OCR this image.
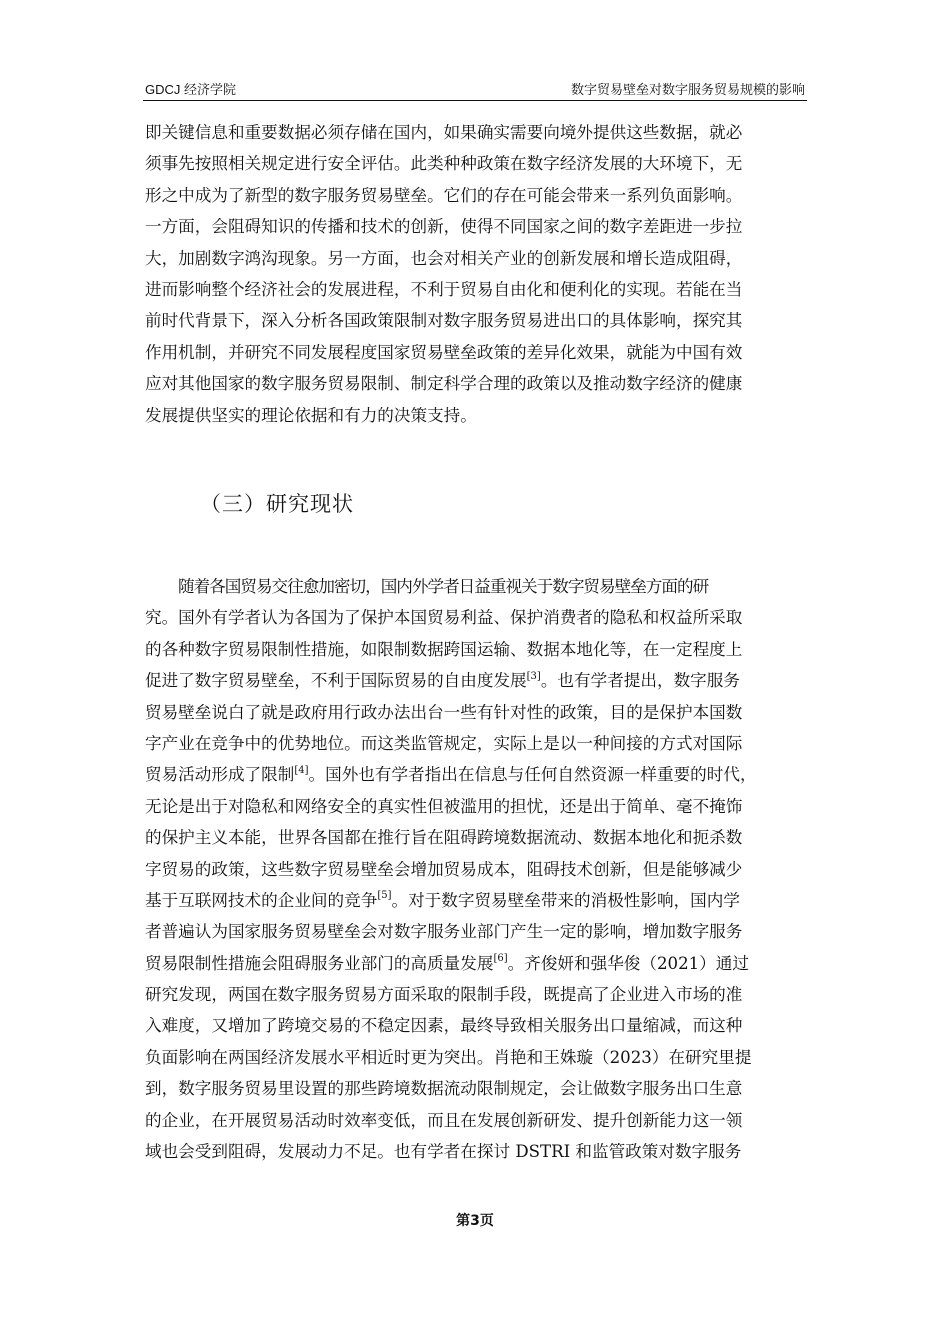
GDCJ 经济学院	数字贸易壁垒对数字服务贸易规模的影响
即关键信息和重要数据必须存储在国内，如果确实需要向境外提供这些数据，就必
须事先按照相关规定进行安全评估。此类种种政策在数字经济发展的大环境下，无
形之中成为了新型的数字服务贸易壁垒。它们的存在可能会带来一系列负面影响。
一方面，会阻碍知识的传播和技术的创新，使得不同国家之间的数字差距进一步拉
大，加剧数字鸿沟现象。另一方面，也会对相关产业的创新发展和增长造成阻碍，
进而影响整个经济社会的发展进程，不利于贸易自由化和便利化的实现。若能在当
前时代背景下，深入分析各国政策限制对数字服务贸易进出口的具体影响，探究其
作用机制，并研究不同发展程度国家贸易壁垒政策的差异化效果，就能为中国有效
应对其他国家的数字服务贸易限制、制定科学合理的政策以及推动数字经济的健康
发展提供坚实的理论依据和有力的决策支持。
（三）研究现状
随着各国贸易交往愈加密切，国内外学者日益重视关于数字贸易壁垒方面的研
究。国外有学者认为各国为了保护本国贸易利益、保护消费者的隐私和权益所采取
的各种数字贸易限制性措施，如限制数据跨国运输、数据本地化等，在一定程度上
促进了数字贸易壁垒，不利于国际贸易的自由度发展[3]。也有学者提出，数字服务
贸易壁垒说白了就是政府用行政办法出台一些有针对性的政策，目的是保护本国数
字产业在竞争中的优势地位。而这类监管规定，实际上是以一种间接的方式对国际
贸易活动形成了限制[4]。国外也有学者指出在信息与任何自然资源一样重要的时代，
无论是出于对隐私和网络安全的真实性但被滥用的担忧，还是出于简单、毫不掩饰
的保护主义本能，世界各国都在推行旨在阻碍跨境数据流动、数据本地化和扼杀数
字贸易的政策，这些数字贸易壁垒会增加贸易成本，阻碍技术创新，但是能够减少
基于互联网技术的企业间的竞争[5]。对于数字贸易壁垒带来的消极性影响，国内学
者普遍认为国家服务贸易壁垒会对数字服务业部门产生一定的影响，增加数字服务
贸易限制性措施会阻碍服务业部门的高质量发展[6]。齐俊妍和强华俊（2021）通过
研究发现，两国在数字服务贸易方面采取的限制手段，既提高了企业进入市场的准
入难度，又增加了跨境交易的不稳定因素，最终导致相关服务出口量缩减，而这种
负面影响在两国经济发展水平相近时更为突出。肖艳和王姝璇（2023）在研究里提
到，数字服务贸易里设置的那些跨境数据流动限制规定，会让做数字服务出口生意
的企业，在开展贸易活动时效率变低，而且在发展创新研发、提升创新能力这一领
域也会受到阻碍，发展动力不足。也有学者在探讨 DSTRI 和监管政策对数字服务
第3页
